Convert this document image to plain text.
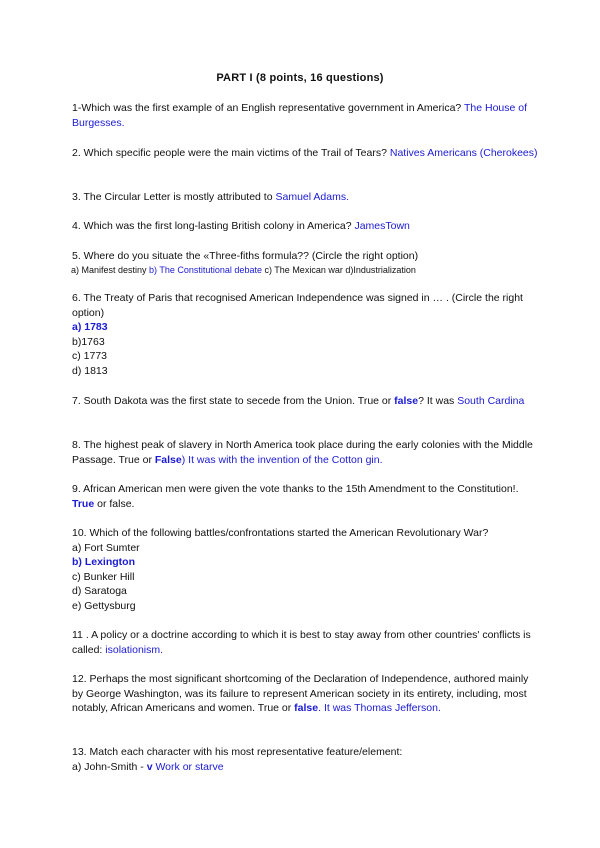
PART I (8 points, 16 questions)
1-Which was the first example of an English representative government in America? The House of Burgesses.
2. Which specific people were the main victims of the Trail of Tears? Natives Americans (Cherokees)
3. The Circular Letter is mostly attributed to Samuel Adams.
4. Which was the first long-lasting British colony in America? JamesTown
5. Where do you situate the «Three-fiths formula?? (Circle the right option)
a) Manifest destiny b) The Constitutional debate c) The Mexican war d)Industrialization
6. The Treaty of Paris that recognised American Independence was signed in … . (Circle the right option)
a) 1783
b)1763
c) 1773
d) 1813
7. South Dakota was the first state to secede from the Union. True or false? It was South Cardina
8. The highest peak of slavery in North America took place during the early colonies with the Middle Passage. True or False) It was with the invention of the Cotton gin.
9. African American men were given the vote thanks to the 15th Amendment to the Constitution!. True or false.
10. Which of the following battles/confrontations started the American Revolutionary War?
a) Fort Sumter
b) Lexington
c) Bunker Hill
d) Saratoga
e) Gettysburg
11 . A policy or a doctrine according to which it is best to stay away from other countries' conflicts is called: isolationism.
12. Perhaps the most significant shortcoming of the Declaration of Independence, authored mainly by George Washington, was its failure to represent American society in its entirety, including, most notably, African Americans and women. True or false. It was Thomas Jefferson.
13. Match each character with his most representative feature/element:
a) John-Smith - v Work or starve
